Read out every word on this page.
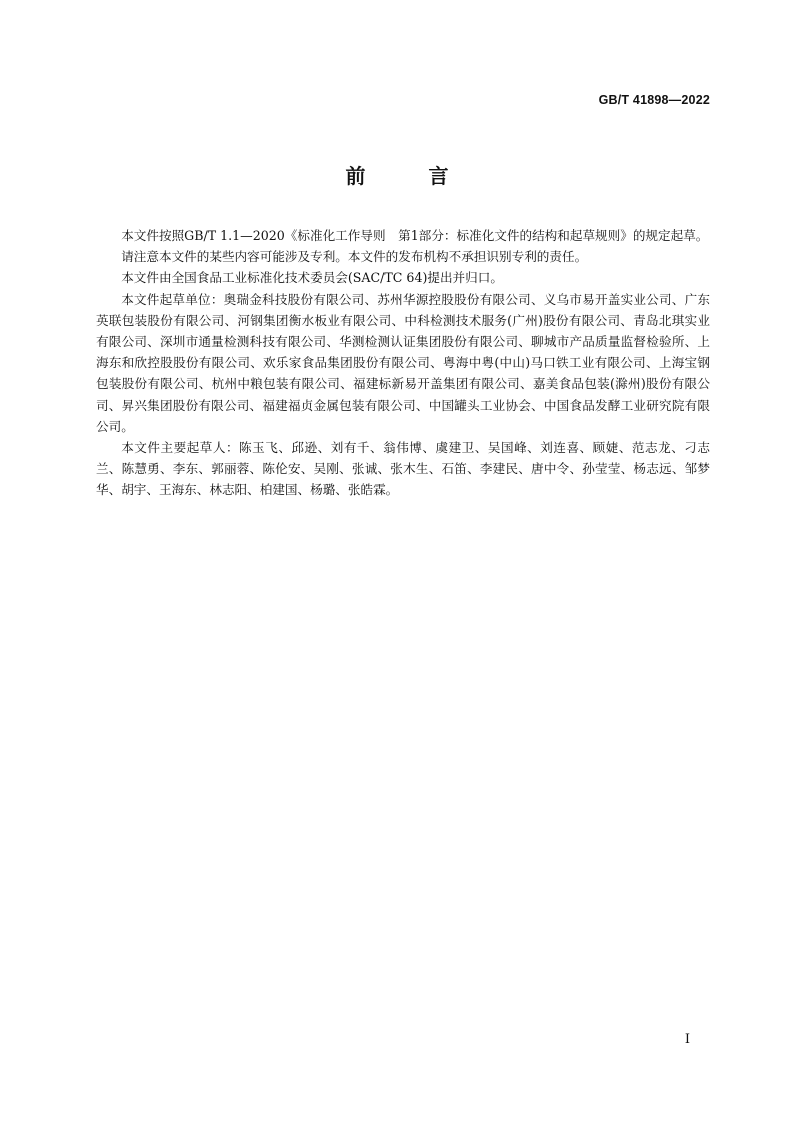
GB/T 41898—2022
前 言

本文件按照GB/T 1.1—2020《标准化工作导则　第1部分：标准化文件的结构和起草规则》的规定起草。

请注意本文件的某些内容可能涉及专利。本文件的发布机构不承担识别专利的责任。

本文件由全国食品工业标准化技术委员会(SAC/TC 64)提出并归口。

本文件起草单位：奥瑞金科技股份有限公司、苏州华源控股股份有限公司、义乌市易开盖实业公司、广东英联包装股份有限公司、河钢集团衡水板业有限公司、中科检测技术服务(广州)股份有限公司、青岛北琪实业有限公司、深圳市通量检测科技有限公司、华测检测认证集团股份有限公司、聊城市产品质量监督检验所、上海东和欣控股股份有限公司、欢乐家食品集团股份有限公司、粤海中粤(中山)马口铁工业有限公司、上海宝钢包装股份有限公司、杭州中粮包装有限公司、福建标新易开盖集团有限公司、嘉美食品包装(滁州)股份有限公司、昇兴集团股份有限公司、福建福贞金属包装有限公司、中国罐头工业协会、中国食品发酵工业研究院有限公司。

本文件主要起草人：陈玉飞、邱逊、刘有千、翁伟博、虞建卫、吴国峰、刘连喜、顾婕、范志龙、刁志兰、陈慧勇、李东、郭丽蓉、陈伦安、吴刚、张诚、张木生、石笛、李建民、唐中令、孙莹莹、杨志远、邹梦华、胡宇、王海东、林志阳、柏建国、杨璐、张皓霖。

I
